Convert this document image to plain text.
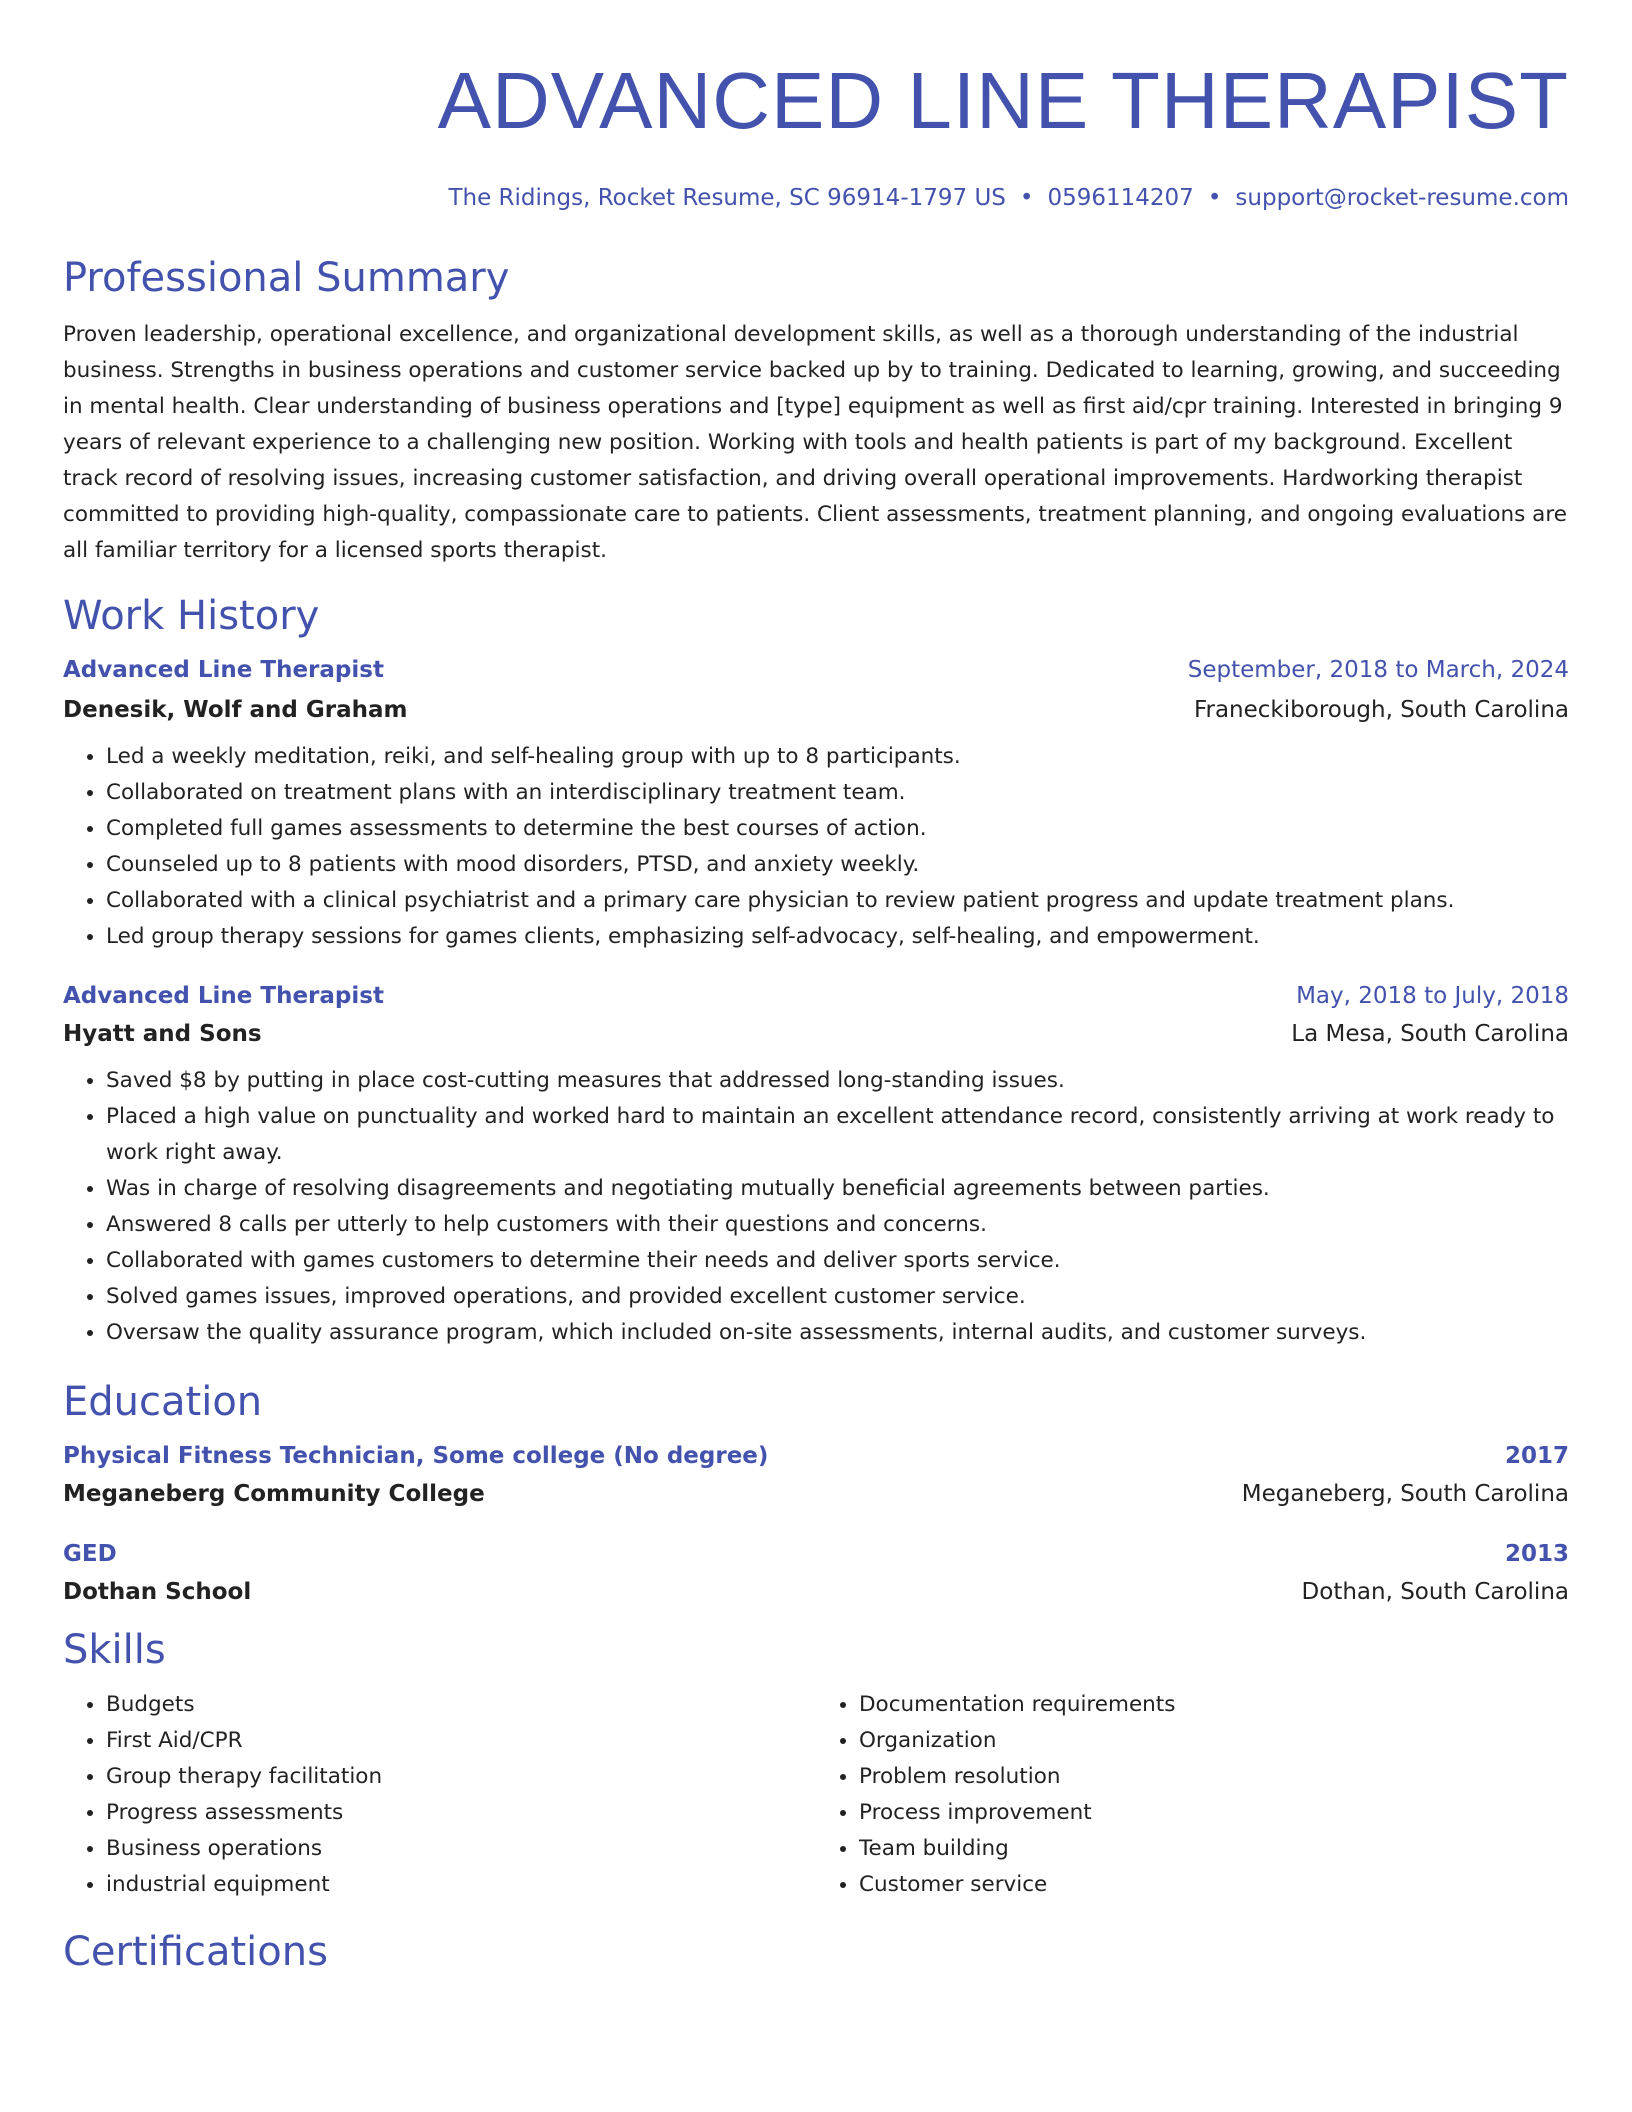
ADVANCED LINE THERAPIST
The Ridings, Rocket Resume, SC 96914-1797 US • 0596114207 • support@rocket-resume.com
Professional Summary
Proven leadership, operational excellence, and organizational development skills, as well as a thorough understanding of the industrial business. Strengths in business operations and customer service backed up by to training. Dedicated to learning, growing, and succeeding in mental health. Clear understanding of business operations and [type] equipment as well as first aid/cpr training. Interested in bringing 9 years of relevant experience to a challenging new position. Working with tools and health patients is part of my background. Excellent track record of resolving issues, increasing customer satisfaction, and driving overall operational improvements. Hardworking therapist committed to providing high-quality, compassionate care to patients. Client assessments, treatment planning, and ongoing evaluations are all familiar territory for a licensed sports therapist.
Work History
Advanced Line Therapist	September, 2018 to March, 2024
Denesik, Wolf and Graham	Franeckiborough, South Carolina
• Led a weekly meditation, reiki, and self-healing group with up to 8 participants.
• Collaborated on treatment plans with an interdisciplinary treatment team.
• Completed full games assessments to determine the best courses of action.
• Counseled up to 8 patients with mood disorders, PTSD, and anxiety weekly.
• Collaborated with a clinical psychiatrist and a primary care physician to review patient progress and update treatment plans.
• Led group therapy sessions for games clients, emphasizing self-advocacy, self-healing, and empowerment.
Advanced Line Therapist	May, 2018 to July, 2018
Hyatt and Sons	La Mesa, South Carolina
• Saved $8 by putting in place cost-cutting measures that addressed long-standing issues.
• Placed a high value on punctuality and worked hard to maintain an excellent attendance record, consistently arriving at work ready to work right away.
• Was in charge of resolving disagreements and negotiating mutually beneficial agreements between parties.
• Answered 8 calls per utterly to help customers with their questions and concerns.
• Collaborated with games customers to determine their needs and deliver sports service.
• Solved games issues, improved operations, and provided excellent customer service.
• Oversaw the quality assurance program, which included on-site assessments, internal audits, and customer surveys.
Education
Physical Fitness Technician, Some college (No degree)	2017
Meganeberg Community College	Meganeberg, South Carolina
GED	2013
Dothan School	Dothan, South Carolina
Skills
• Budgets
• First Aid/CPR
• Group therapy facilitation
• Progress assessments
• Business operations
• industrial equipment
• Documentation requirements
• Organization
• Problem resolution
• Process improvement
• Team building
• Customer service
Certifications
